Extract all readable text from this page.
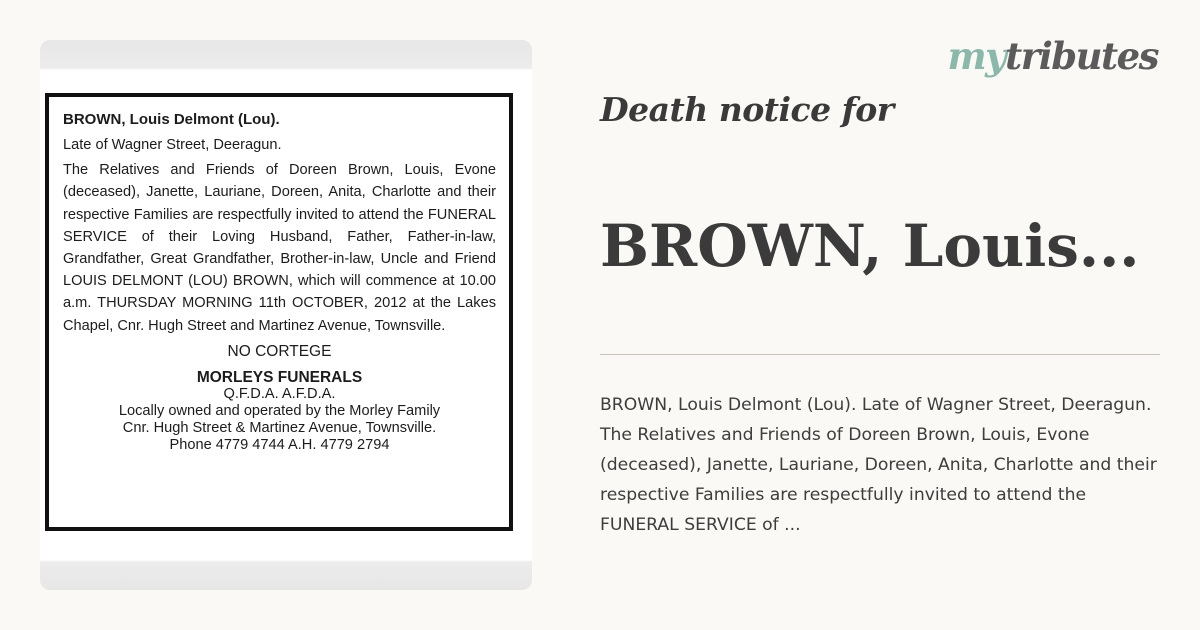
BROWN, Louis Delmont (Lou).

Late of Wagner Street, Deeragun.

The Relatives and Friends of Doreen Brown, Louis, Evone (deceased), Janette, Lauriane, Doreen, Anita, Charlotte and their respective Families are respectfully invited to attend the FUNERAL SERVICE of their Loving Husband, Father, Father-in-law, Grandfather, Great Grandfather, Brother-in-law, Uncle and Friend LOUIS DELMONT (LOU) BROWN, which will commence at 10.00 a.m. THURSDAY MORNING 11th OCTOBER, 2012 at the Lakes Chapel, Cnr. Hugh Street and Martinez Avenue, Townsville.

NO CORTEGE

MORLEYS FUNERALS
Q.F.D.A. A.F.D.A.
Locally owned and operated by the Morley Family
Cnr. Hugh Street & Martinez Avenue, Townsville.
Phone 4779 4744 A.H. 4779 2794
mytributes
Death notice for
BROWN, Louis...

BROWN, Louis Delmont (Lou). Late of Wagner Street, Deeragun. The Relatives and Friends of Doreen Brown, Louis, Evone (deceased), Janette, Lauriane, Doreen, Anita, Charlotte and their respective Families are respectfully invited to attend the FUNERAL SERVICE of ...
